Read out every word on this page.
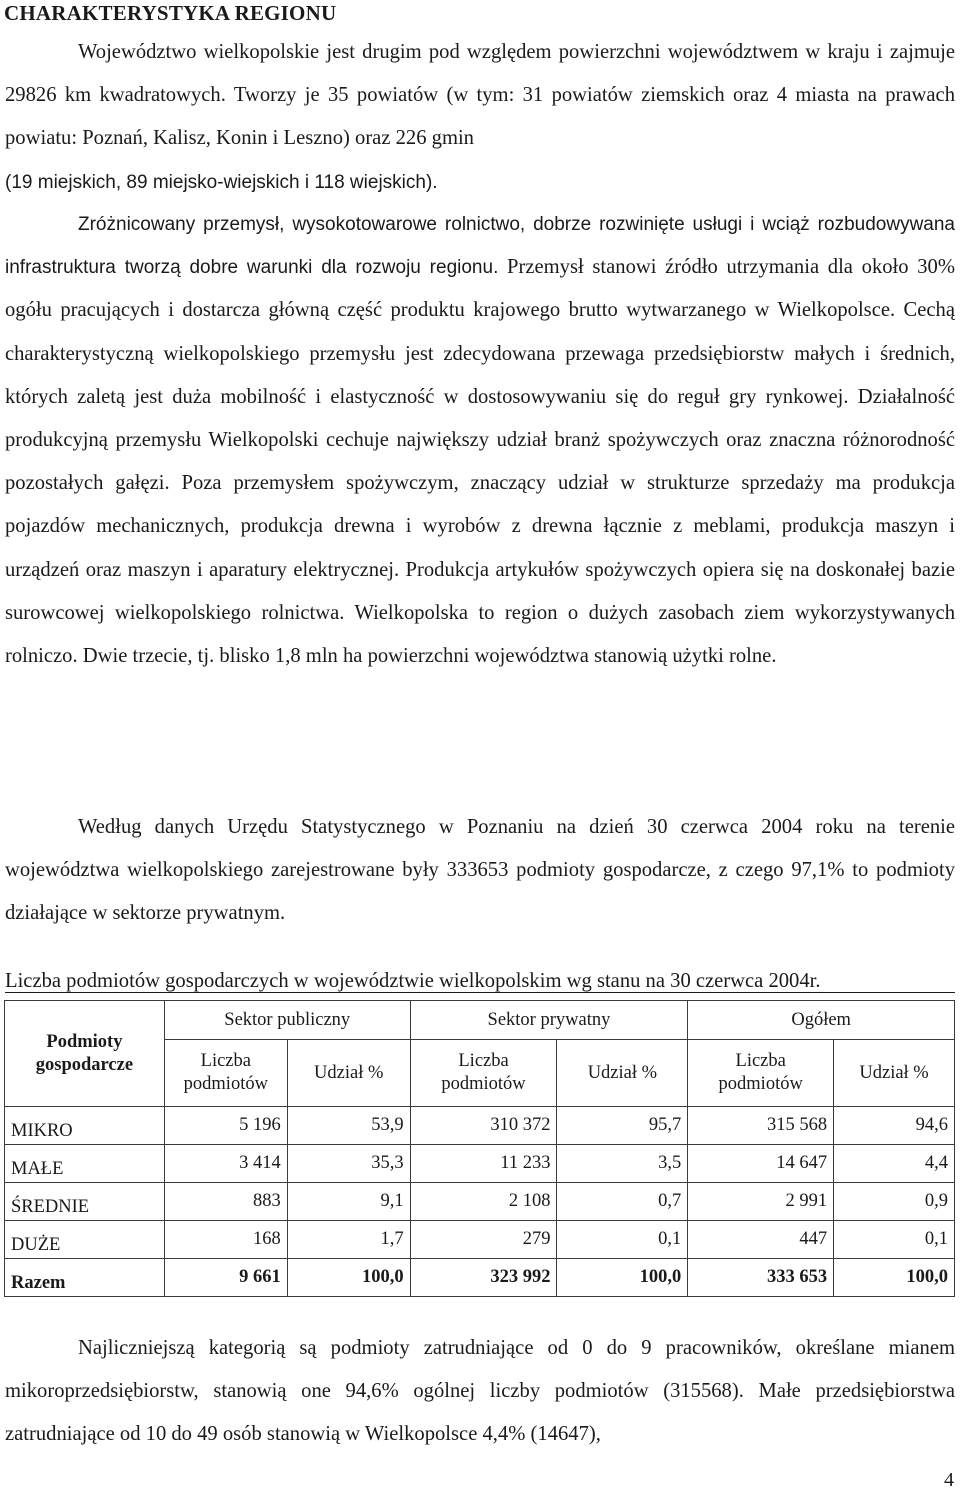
CHARAKTERYSTYKA REGIONU
Województwo wielkopolskie jest drugim pod względem powierzchni województwem w kraju i zajmuje 29826 km kwadratowych. Tworzy je 35 powiatów (w tym: 31 powiatów ziemskich oraz 4 miasta na prawach powiatu: Poznań, Kalisz, Konin i Leszno) oraz 226 gmin
(19 miejskich, 89 miejsko-wiejskich i 118 wiejskich).
Zróżnicowany przemysł, wysokotowarowe rolnictwo, dobrze rozwinięte usługi i wciąż rozbudowywana infrastruktura tworzą dobre warunki dla rozwoju regionu. Przemysł stanowi źródło utrzymania dla około 30% ogółu pracujących i dostarcza główną część produktu krajowego brutto wytwarzanego w Wielkopolsce. Cechą charakterystyczną wielkopolskiego przemysłu jest zdecydowana przewaga przedsiębiorstw małych i średnich, których zaletą jest duża mobilność i elastyczność w dostosowywaniu się do reguł gry rynkowej. Działalność produkcyjną przemysłu Wielkopolski cechuje największy udział branż spożywczych oraz znaczna różnorodność pozostałych gałęzi. Poza przemysłem spożywczym, znaczący udział w strukturze sprzedaży ma produkcja pojazdów mechanicznych, produkcja drewna i wyrobów z drewna łącznie z meblami, produkcja maszyn i urządzeń oraz maszyn i aparatury elektrycznej. Produkcja artykułów spożywczych opiera się na doskonałej bazie surowcowej wielkopolskiego rolnictwa. Wielkopolska to region o dużych zasobach ziem wykorzystywanych rolniczo. Dwie trzecie, tj. blisko 1,8 mln ha powierzchni województwa stanowią użytki rolne.
Według danych Urzędu Statystycznego w Poznaniu na dzień 30 czerwca 2004 roku na terenie województwa wielkopolskiego zarejestrowane były 333653 podmioty gospodarcze, z czego 97,1% to podmioty działające w sektorze prywatnym.
Liczba podmiotów gospodarczych w województwie wielkopolskim wg stanu na 30 czerwca 2004r.
Podmioty gospodarcze	Sektor publiczny		Sektor prywatny		Ogółem	
	Liczba podmiotów	Udział %	Liczba podmiotów	Udział %	Liczba podmiotów	Udział %
MIKRO	5 196	53,9	310 372	95,7	315 568	94,6
MAŁE	3 414	35,3	11 233	3,5	14 647	4,4
ŚREDNIE	883	9,1	2 108	0,7	2 991	0,9
DUŻE	168	1,7	279	0,1	447	0,1
Razem	9 661	100,0	323 992	100,0	333 653	100,0
Najliczniejszą kategorią są podmioty zatrudniające od 0 do 9 pracowników, określane mianem mikoroprzedsiębiorstw, stanowią one 94,6% ogólnej liczby podmiotów (315568). Małe przedsiębiorstwa zatrudniające od 10 do 49 osób stanowią w Wielkopolsce 4,4% (14647),
4
